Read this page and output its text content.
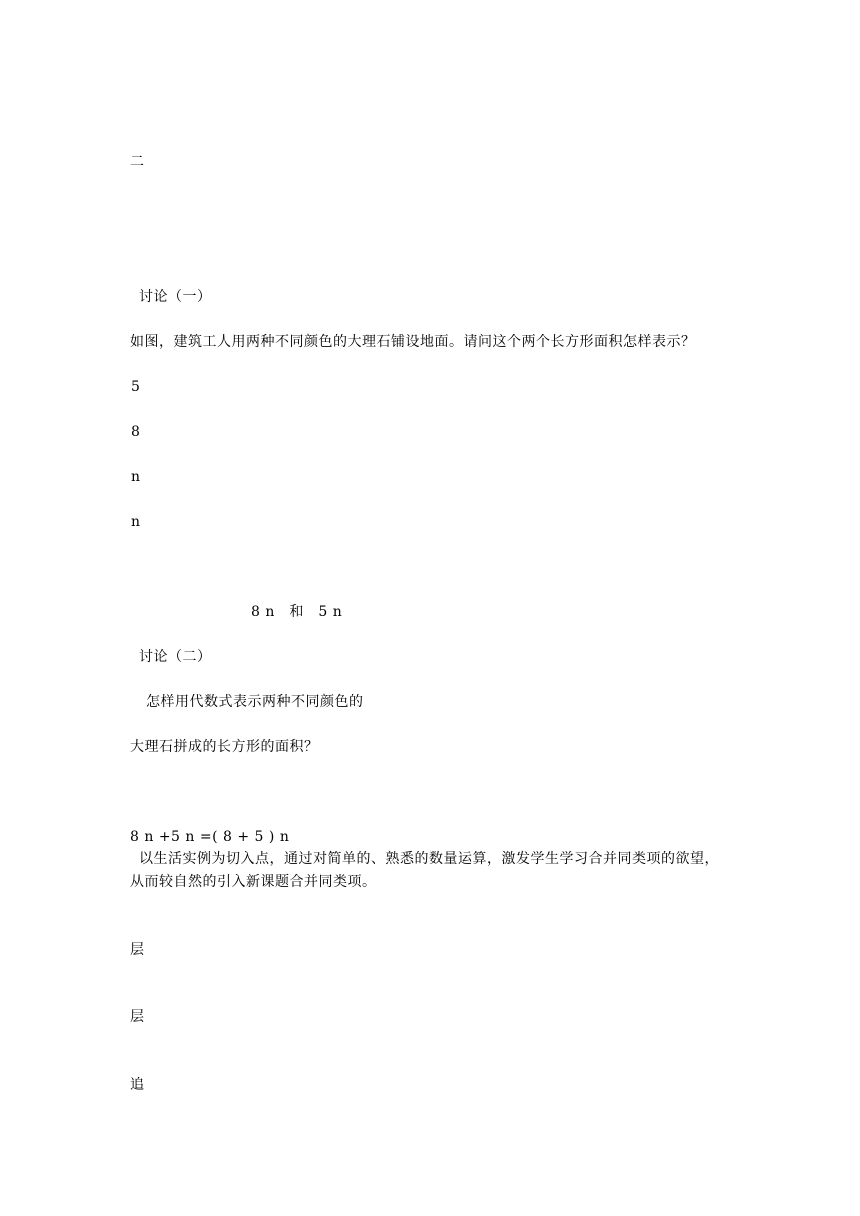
二
讨论（一）
如图，建筑工人用两种不同颜色的大理石铺设地面。请问这个两个长方形面积怎样表示？
5
8
n
n
8 n　和　5 n
讨论（二）
怎样用代数式表示两种不同颜色的
大理石拼成的长方形的面积？
8 n +5 n =( 8 + 5 ) n
以生活实例为切入点，通过对简单的、熟悉的数量运算，激发学生学习合并同类项的欲望，
从而较自然的引入新课题合并同类项。
层
层
追
